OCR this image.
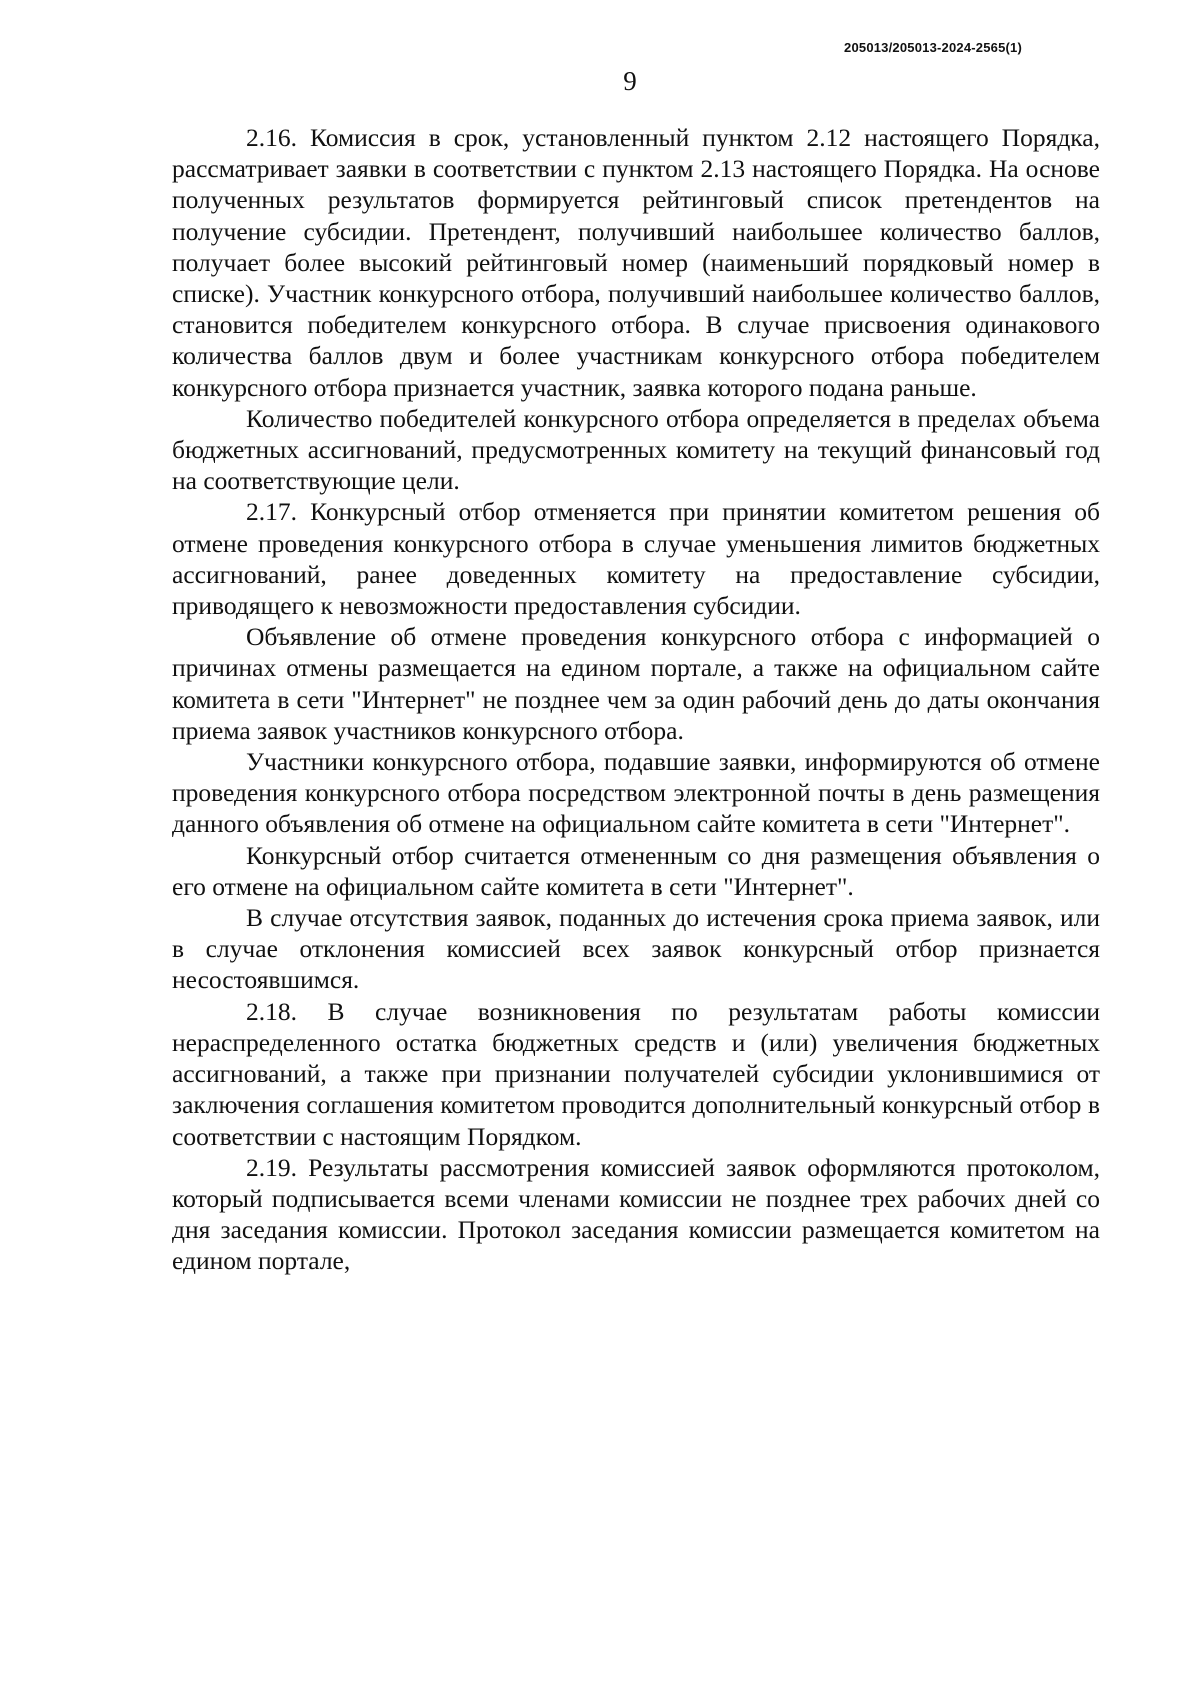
205013/205013-2024-2565(1)
9

2.16. Комиссия в срок, установленный пунктом 2.12 настоящего Порядка, рассматривает заявки в соответствии с пунктом 2.13 настоящего Порядка. На основе полученных результатов формируется рейтинговый список претендентов на получение субсидии. Претендент, получивший наибольшее количество баллов, получает более высокий рейтинговый номер (наименьший порядковый номер в списке). Участник конкурсного отбора, получивший наибольшее количество баллов, становится победителем конкурсного отбора. В случае присвоения одинакового количества баллов двум и более участникам конкурсного отбора победителем конкурсного отбора признается участник, заявка которого подана раньше.

Количество победителей конкурсного отбора определяется в пределах объема бюджетных ассигнований, предусмотренных комитету на текущий финансовый год на соответствующие цели.

2.17. Конкурсный отбор отменяется при принятии комитетом решения об отмене проведения конкурсного отбора в случае уменьшения лимитов бюджетных ассигнований, ранее доведенных комитету на предоставление субсидии, приводящего к невозможности предоставления субсидии.

Объявление об отмене проведения конкурсного отбора с информацией о причинах отмены размещается на едином портале, а также на официальном сайте комитета в сети "Интернет" не позднее чем за один рабочий день до даты окончания приема заявок участников конкурсного отбора.

Участники конкурсного отбора, подавшие заявки, информируются об отмене проведения конкурсного отбора посредством электронной почты в день размещения данного объявления об отмене на официальном сайте комитета в сети "Интернет".

Конкурсный отбор считается отмененным со дня размещения объявления о его отмене на официальном сайте комитета в сети "Интернет".

В случае отсутствия заявок, поданных до истечения срока приема заявок, или в случае отклонения комиссией всех заявок конкурсный отбор признается несостоявшимся.

2.18. В случае возникновения по результатам работы комиссии нераспределенного остатка бюджетных средств и (или) увеличения бюджетных ассигнований, а также при признании получателей субсидии уклонившимися от заключения соглашения комитетом проводится дополнительный конкурсный отбор в соответствии с настоящим Порядком.

2.19. Результаты рассмотрения комиссией заявок оформляются протоколом, который подписывается всеми членами комиссии не позднее трех рабочих дней со дня заседания комиссии. Протокол заседания комиссии размещается комитетом на едином портале,
